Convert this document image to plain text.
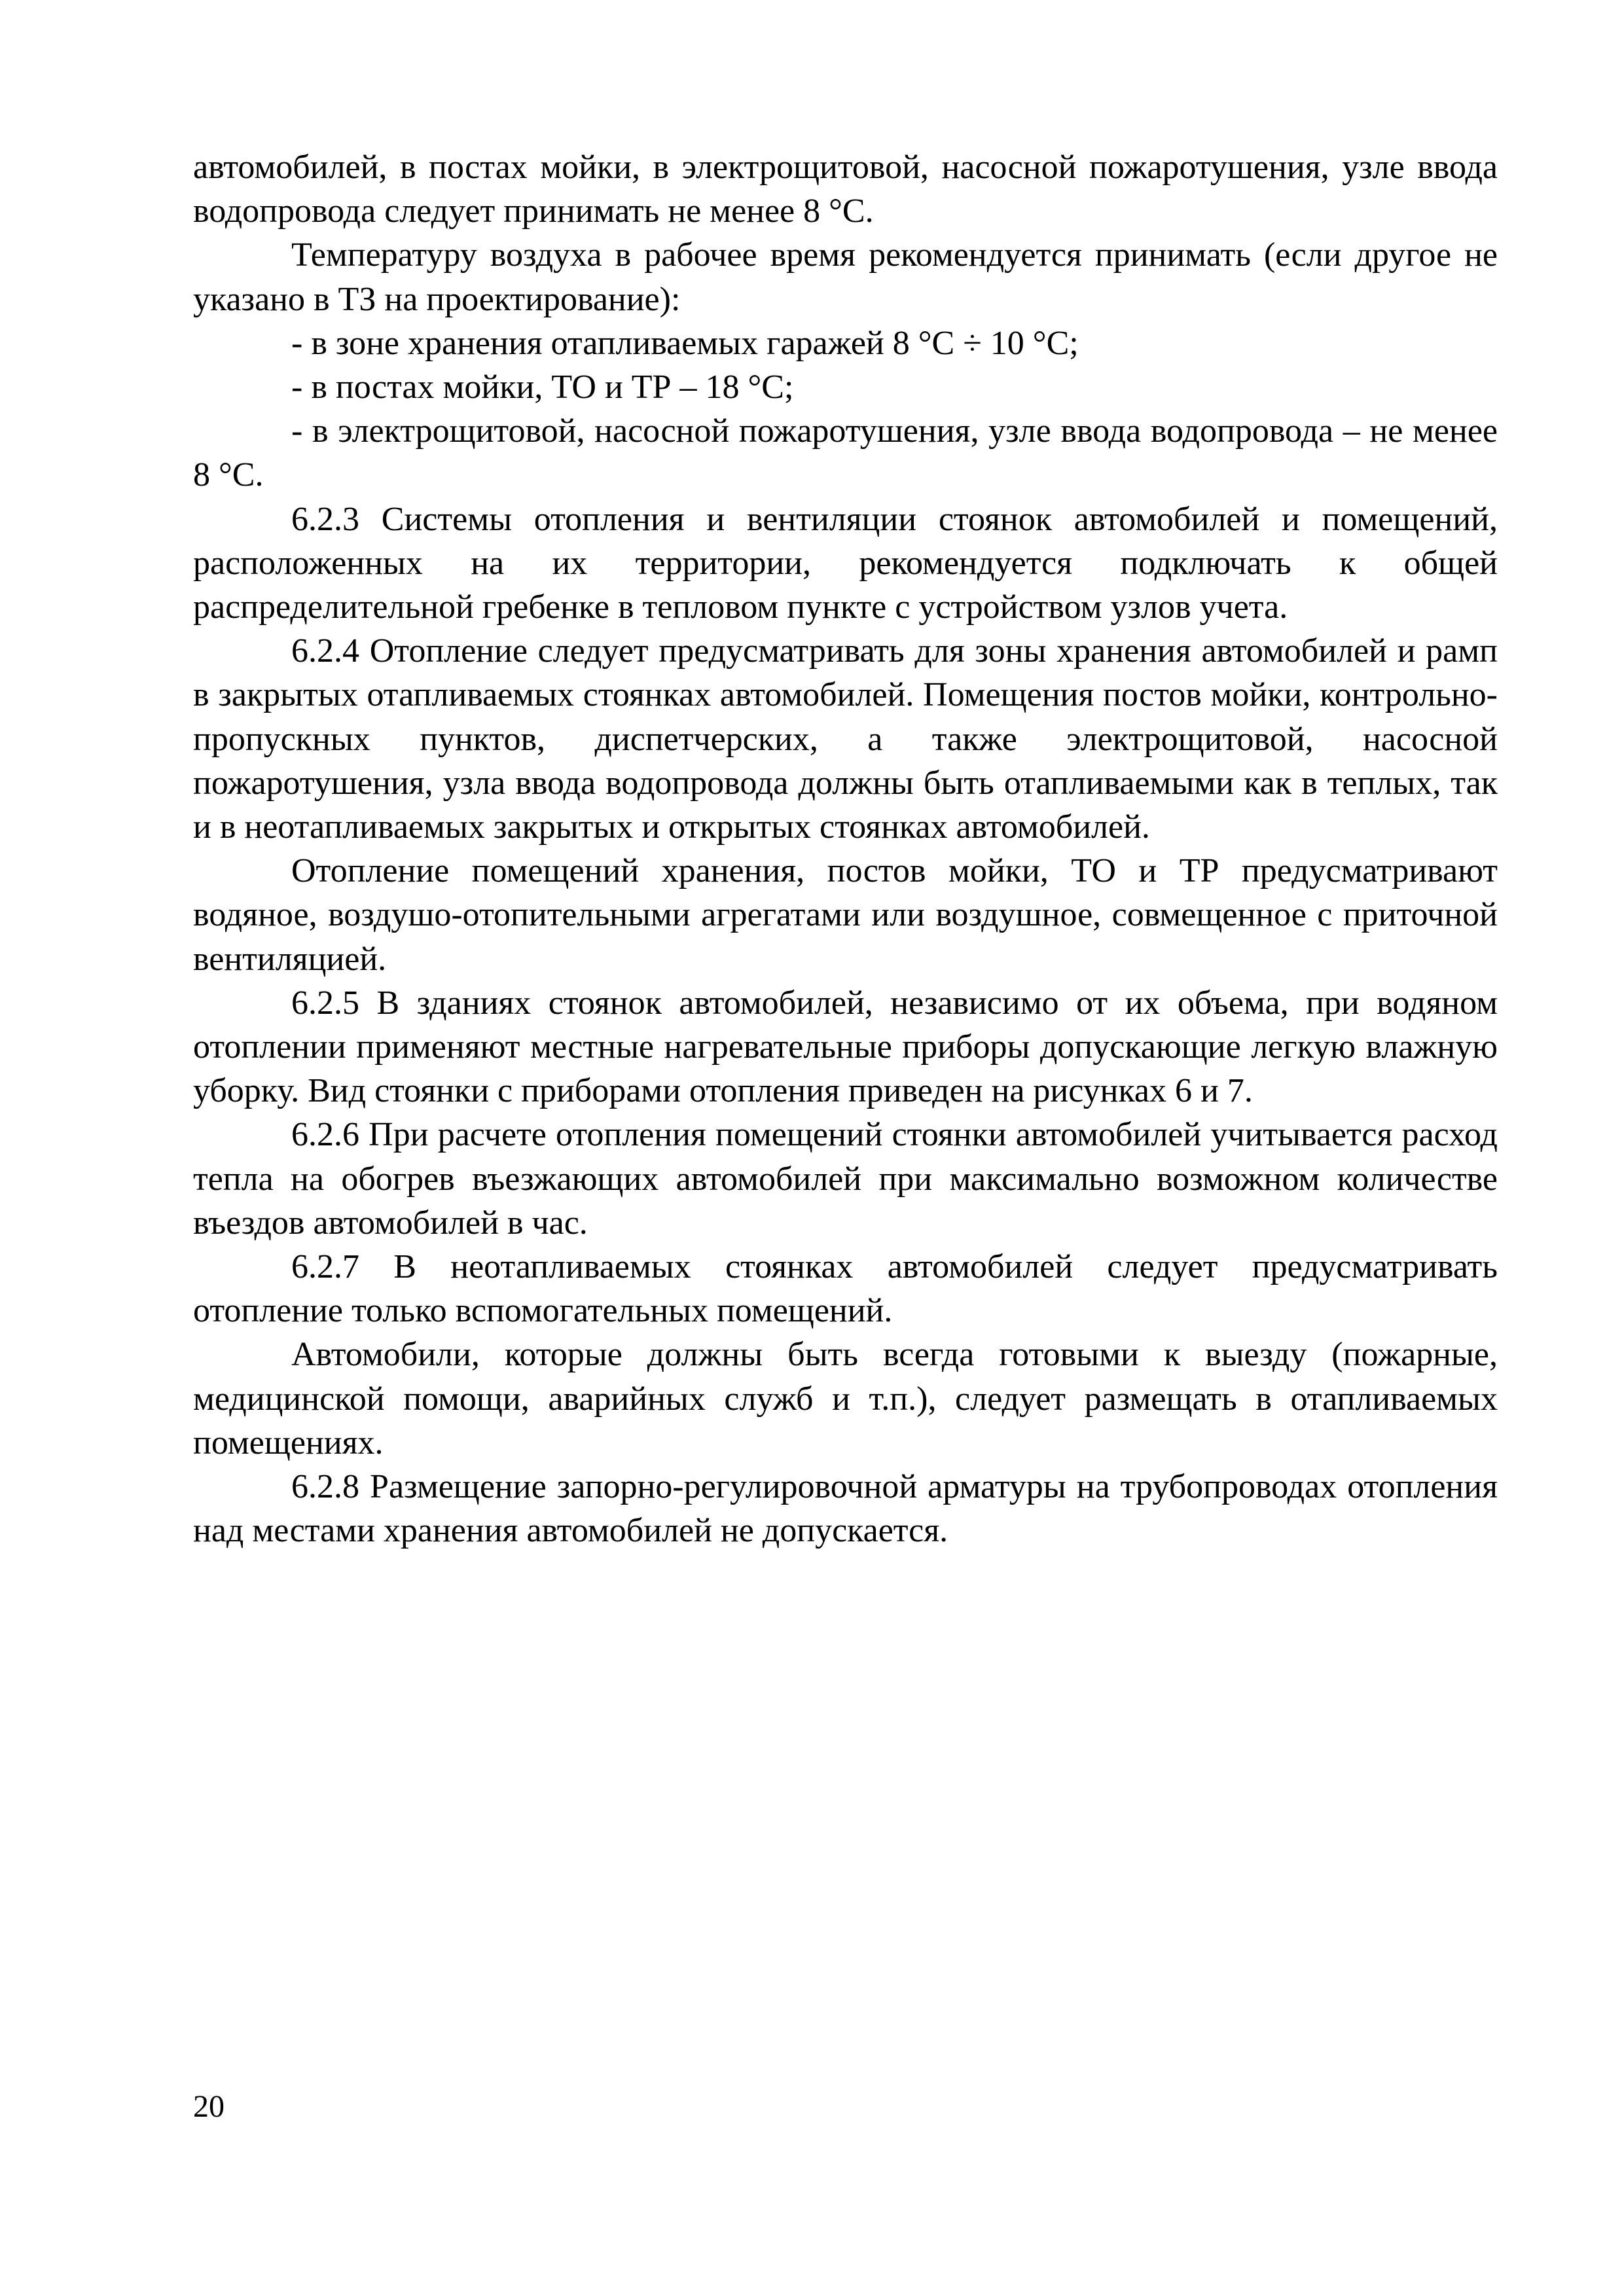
автомобилей, в постах мойки, в электрощитовой, насосной пожаротушения, узле ввода водопровода следует принимать не менее 8 °С.

Температуру воздуха в рабочее время рекомендуется принимать (если другое не указано в ТЗ на проектирование):

- в зоне хранения отапливаемых гаражей 8 °С ÷ 10 °С;

- в постах мойки, ТО и ТР – 18 °С;

- в электрощитовой, насосной пожаротушения, узле ввода водопровода – не менее 8 °С.

6.2.3 Системы отопления и вентиляции стоянок автомобилей и помещений, расположенных на их территории, рекомендуется подключать к общей распределительной гребенке в тепловом пункте с устройством узлов учета.

6.2.4 Отопление следует предусматривать для зоны хранения автомобилей и рамп в закрытых отапливаемых стоянках автомобилей. Помещения постов мойки, контрольно-пропускных пунктов, диспетчерских, а также электрощитовой, насосной пожаротушения, узла ввода водопровода должны быть отапливаемыми как в теплых, так и в неотапливаемых закрытых и открытых стоянках автомобилей.

Отопление помещений хранения, постов мойки, ТО и ТР предусматривают водяное, воздушо-отопительными агрегатами или воздушное, совмещенное с приточной вентиляцией.

6.2.5 В зданиях стоянок автомобилей, независимо от их объема, при водяном отоплении применяют местные нагревательные приборы допускающие легкую влажную уборку. Вид стоянки с приборами отопления приведен на рисунках 6 и 7.

6.2.6 При расчете отопления помещений стоянки автомобилей учитывается расход тепла на обогрев въезжающих автомобилей при максимально возможном количестве въездов автомобилей в час.

6.2.7 В неотапливаемых стоянках автомобилей следует предусматривать отопление только вспомогательных помещений.

Автомобили, которые должны быть всегда готовыми к выезду (пожарные, медицинской помощи, аварийных служб и т.п.), следует размещать в отапливаемых помещениях.

6.2.8 Размещение запорно-регулировочной арматуры на трубопроводах отопления над местами хранения автомобилей не допускается.

20
